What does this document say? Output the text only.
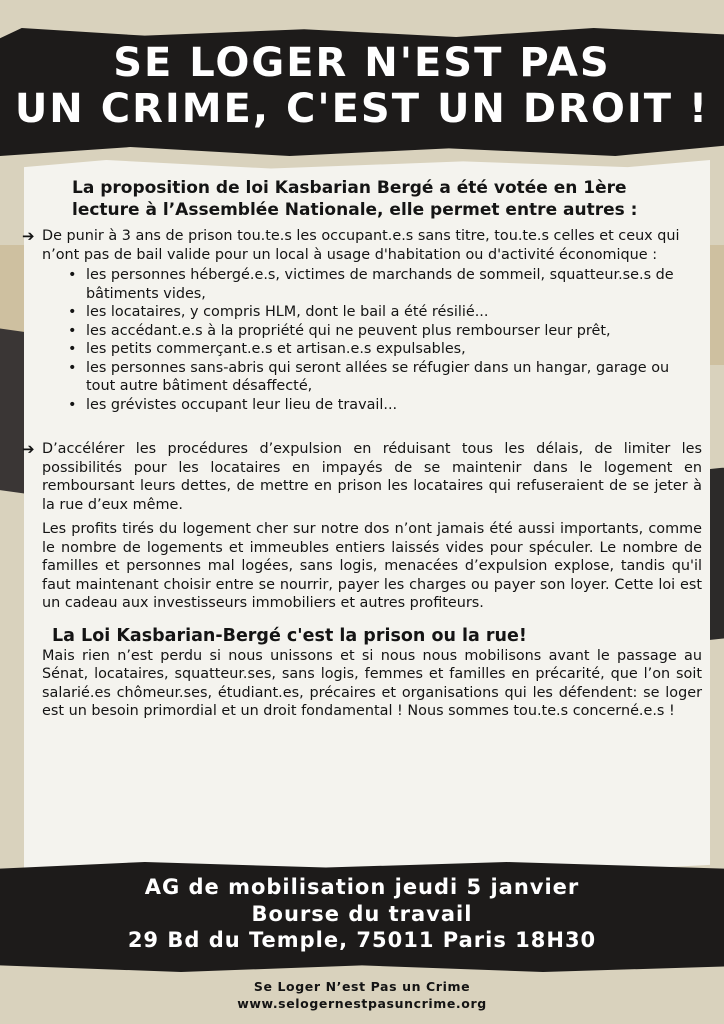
SE LOGER N'EST PAS
UN CRIME, C'EST UN DROIT !
La proposition de loi Kasbarian Bergé a été votée en 1ère lecture à l’Assemblée Nationale, elle permet entre autres :
➔ De punir à 3 ans de prison tou.te.s les occupant.e.s sans titre, tou.te.s celles et ceux qui n’ont pas de bail valide pour un local à usage d'habitation ou d'activité économique :
• les personnes hébergé.e.s, victimes de marchands de sommeil, squatteur.se.s de bâtiments vides,
• les locataires, y compris HLM, dont le bail a été résilié...
• les accédant.e.s à la propriété qui ne peuvent plus rembourser leur prêt,
• les petits commerçant.e.s et artisan.e.s expulsables,
• les personnes sans-abris qui seront allées se réfugier dans un hangar, garage ou tout autre bâtiment désaffecté,
• les grévistes occupant leur lieu de travail...
➔ D’accélérer les procédures d’expulsion en réduisant tous les délais, de limiter les possibilités pour les locataires en impayés de se maintenir dans le logement en remboursant leurs dettes, de mettre en prison les locataires qui refuseraient de se jeter à la rue d’eux même.
Les profits tirés du logement cher sur notre dos n’ont jamais été aussi importants, comme le nombre de logements et immeubles entiers laissés vides pour spéculer. Le nombre de familles et personnes mal logées, sans logis, menacées d’expulsion explose, tandis qu'il faut maintenant choisir entre se nourrir, payer les charges ou payer son loyer. Cette loi est un cadeau aux investisseurs immobiliers et autres profiteurs.
La Loi Kasbarian-Bergé c'est la prison ou la rue!
Mais rien n’est perdu si nous unissons et si nous nous mobilisons avant le passage au Sénat, locataires, squatteur.ses, sans logis, femmes et familles en précarité, que l’on soit salarié.es chômeur.ses, étudiant.es, précaires et organisations qui les défendent: se loger est un besoin primordial et un droit fondamental ! Nous sommes tou.te.s concerné.e.s !
AG de mobilisation jeudi 5 janvier
Bourse du travail
29 Bd du Temple, 75011 Paris 18H30
Se Loger N’est Pas un Crime
www.selogernestpasuncrime.org
